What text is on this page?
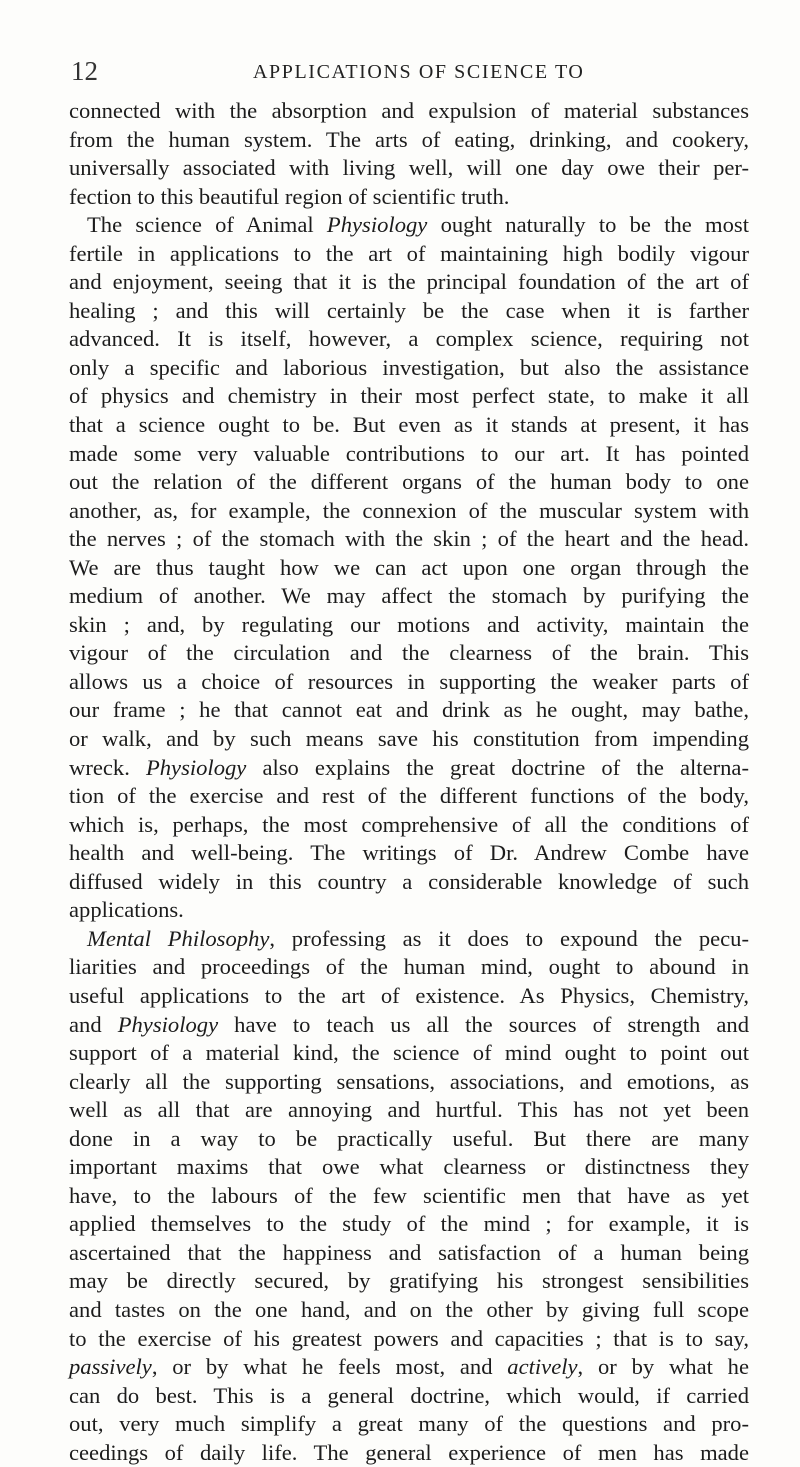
12	APPLICATIONS OF SCIENCE TO
connected with the absorption and expulsion of material substances
from the human system. The arts of eating, drinking, and cookery,
universally associated with living well, will one day owe their per-
fection to this beautiful region of scientific truth.
The science of Animal Physiology ought naturally to be the most
fertile in applications to the art of maintaining high bodily vigour
and enjoyment, seeing that it is the principal foundation of the art of
healing ; and this will certainly be the case when it is farther
advanced. It is itself, however, a complex science, requiring not
only a specific and laborious investigation, but also the assistance
of physics and chemistry in their most perfect state, to make it all
that a science ought to be. But even as it stands at present, it has
made some very valuable contributions to our art. It has pointed
out the relation of the different organs of the human body to one
another, as, for example, the connexion of the muscular system with
the nerves ; of the stomach with the skin ; of the heart and the head.
We are thus taught how we can act upon one organ through the
medium of another. We may affect the stomach by purifying the
skin ; and, by regulating our motions and activity, maintain the
vigour of the circulation and the clearness of the brain. This
allows us a choice of resources in supporting the weaker parts of
our frame ; he that cannot eat and drink as he ought, may bathe,
or walk, and by such means save his constitution from impending
wreck. Physiology also explains the great doctrine of the alterna-
tion of the exercise and rest of the different functions of the body,
which is, perhaps, the most comprehensive of all the conditions of
health and well-being. The writings of Dr. Andrew Combe have
diffused widely in this country a considerable knowledge of such
applications.
Mental Philosophy, professing as it does to expound the pecu-
liarities and proceedings of the human mind, ought to abound in
useful applications to the art of existence. As Physics, Chemistry,
and Physiology have to teach us all the sources of strength and
support of a material kind, the science of mind ought to point out
clearly all the supporting sensations, associations, and emotions, as
well as all that are annoying and hurtful. This has not yet been
done in a way to be practically useful. But there are many
important maxims that owe what clearness or distinctness they
have, to the labours of the few scientific men that have as yet
applied themselves to the study of the mind ; for example, it is
ascertained that the happiness and satisfaction of a human being
may be directly secured, by gratifying his strongest sensibilities
and tastes on the one hand, and on the other by giving full scope
to the exercise of his greatest powers and capacities ; that is to say,
passively, or by what he feels most, and actively, or by what he
can do best. This is a general doctrine, which would, if carried
out, very much simplify a great many of the questions and pro-
ceedings of daily life. The general experience of men has made
